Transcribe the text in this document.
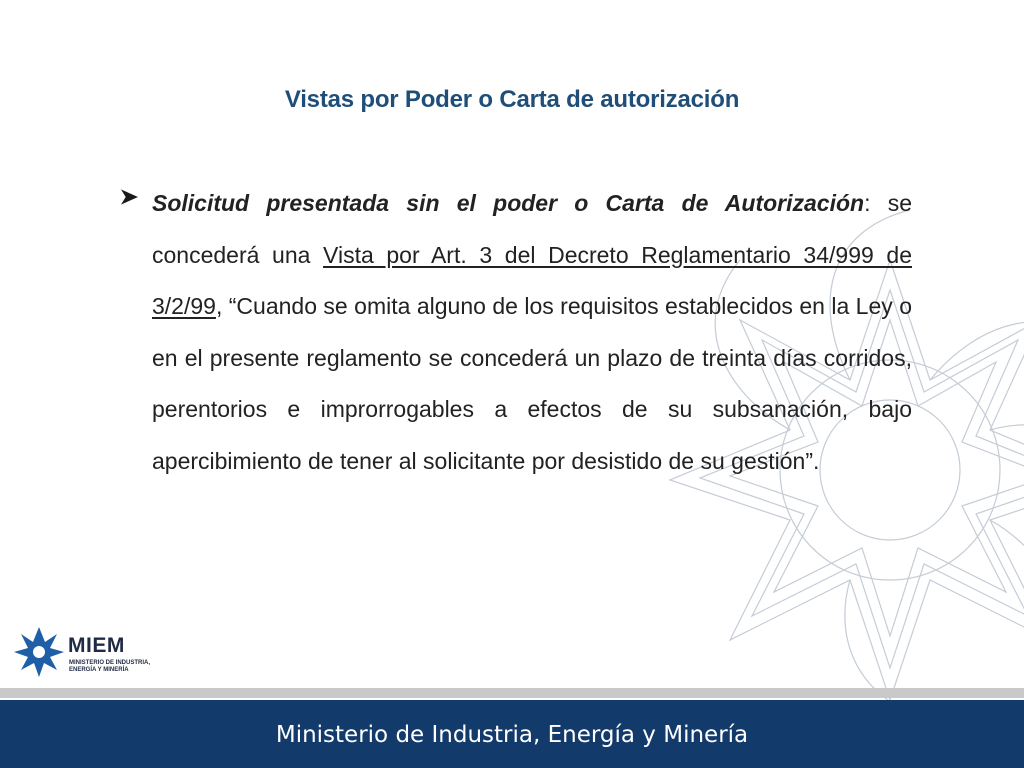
Vistas por Poder o Carta de autorización

Solicitud presentada sin el poder o Carta de Autorización: se concederá una Vista por Art. 3 del Decreto Reglamentario 34/999 de 3/2/99, “Cuando se omita alguno de los requisitos establecidos en la Ley o en el presente reglamento se concederá un plazo de treinta días corridos, perentorios e improrrogables a efectos de su subsanación, bajo apercibimiento de tener al solicitante por desistido de su gestión”.

MIEM
MINISTERIO DE INDUSTRIA, ENERGÍA Y MINERÍA
Ministerio de Industria, Energía y Minería
